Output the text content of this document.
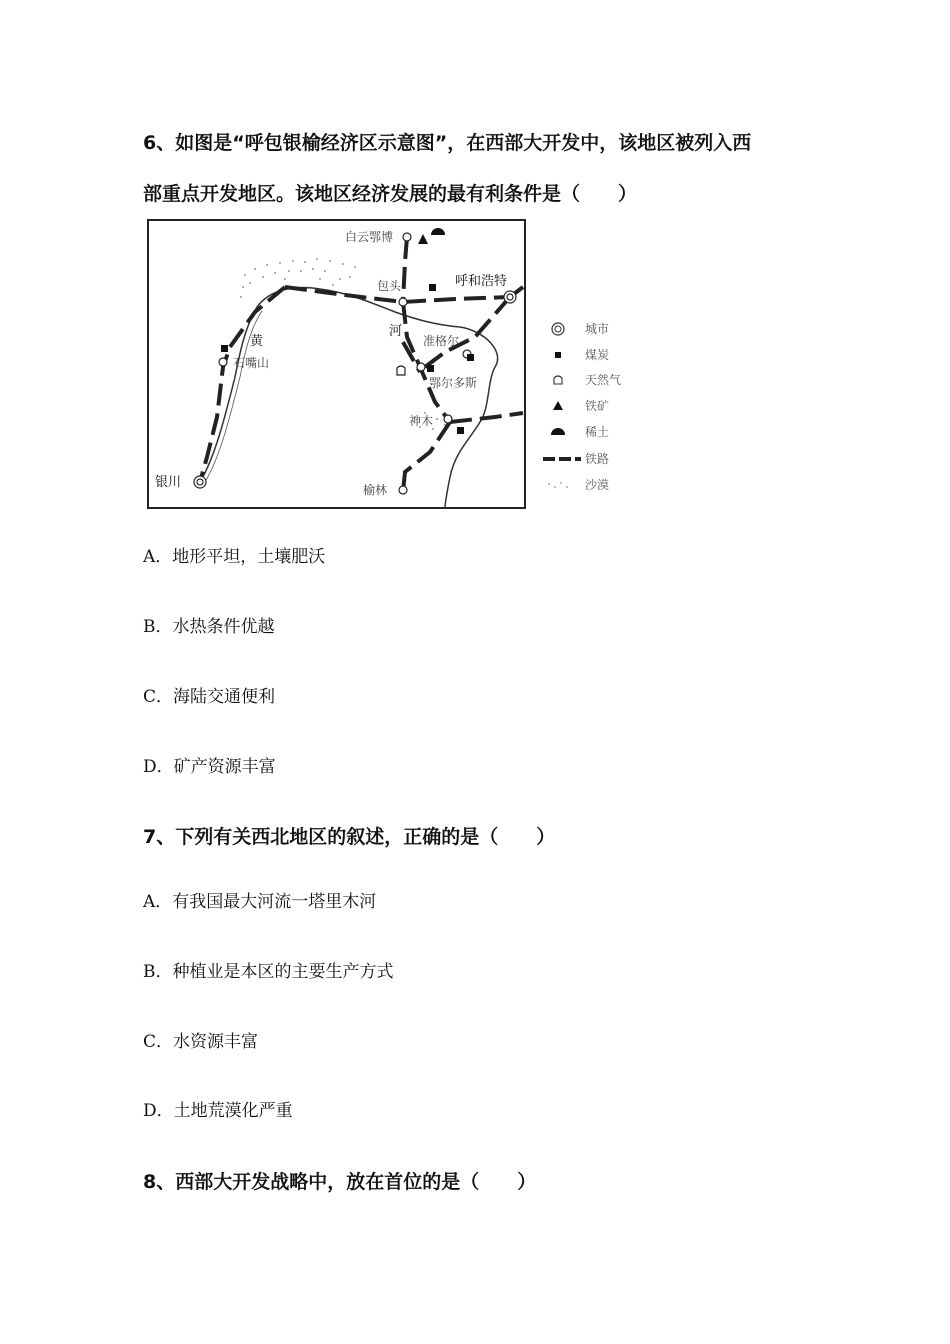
6、如图是“呼包银榆经济区示意图”，在西部大开发中，该地区被列入西
部重点开发地区。该地区经济发展的最有利条件是（　　）
白云鄂博
包头	呼和浩特
石嘴山
黄
河
准格尔
鄂尔多斯
神木
银川	榆林
城市
煤炭
天然气
铁矿
稀土
铁路
沙漠
A．地形平坦，土壤肥沃
B．水热条件优越
C．海陆交通便利
D．矿产资源丰富
7、下列有关西北地区的叙述，正确的是（　　）
A．有我国最大河流一塔里木河
B．种植业是本区的主要生产方式
C．水资源丰富
D．土地荒漠化严重
8、西部大开发战略中，放在首位的是（　　）
